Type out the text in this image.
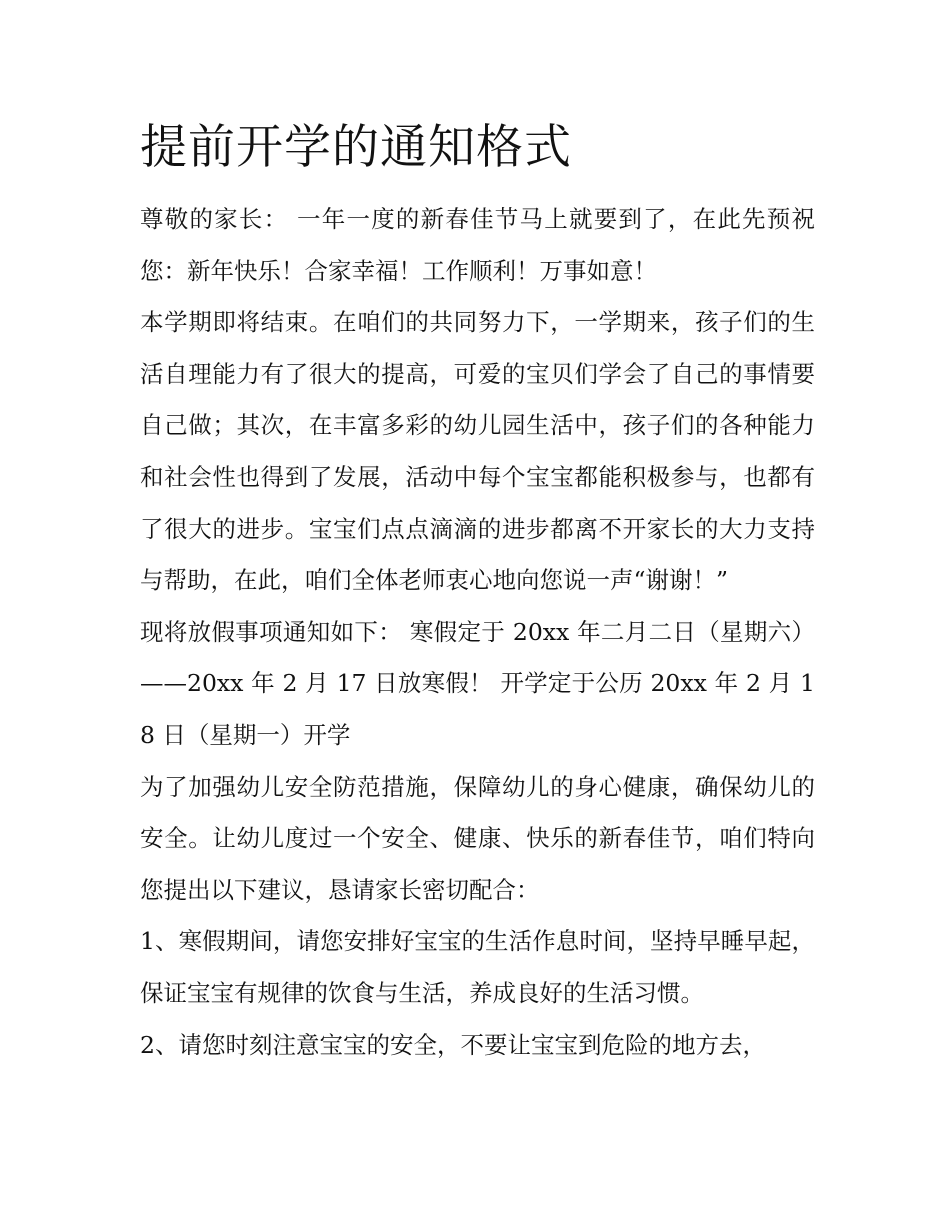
提前开学的通知格式

尊敬的家长： 一年一度的新春佳节马上就要到了，在此先预祝您：新年快乐！合家幸福！工作顺利！万事如意！

本学期即将结束。在咱们的共同努力下，一学期来，孩子们的生活自理能力有了很大的提高，可爱的宝贝们学会了自己的事情要自己做；其次，在丰富多彩的幼儿园生活中，孩子们的各种能力和社会性也得到了发展，活动中每个宝宝都能积极参与，也都有了很大的进步。宝宝们点点滴滴的进步都离不开家长的大力支持与帮助，在此，咱们全体老师衷心地向您说一声“谢谢！”

现将放假事项通知如下： 寒假定于 20xx 年二月二日（星期六）——20xx 年 2 月 17 日放寒假！ 开学定于公历 20xx 年 2 月 18 日（星期一）开学

为了加强幼儿安全防范措施，保障幼儿的身心健康，确保幼儿的安全。让幼儿度过一个安全、健康、快乐的新春佳节，咱们特向您提出以下建议，恳请家长密切配合：

1、寒假期间，请您安排好宝宝的生活作息时间，坚持早睡早起，保证宝宝有规律的饮食与生活，养成良好的生活习惯。

2、请您时刻注意宝宝的安全，不要让宝宝到危险的地方去，
